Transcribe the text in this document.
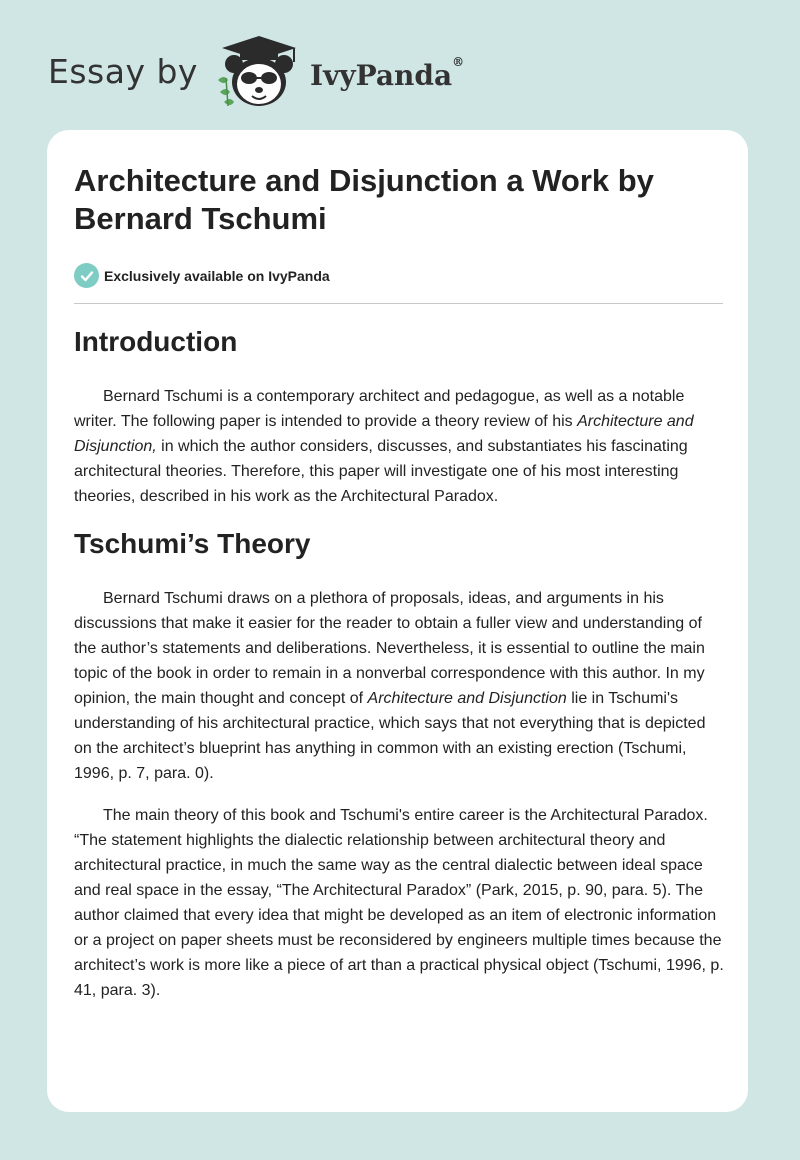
Essay by	IvyPanda®
Architecture and Disjunction a Work by Bernard Tschumi
Exclusively available on IvyPanda
Introduction

Bernard Tschumi is a contemporary architect and pedagogue, as well as a notable writer. The following paper is intended to provide a theory review of his Architecture and Disjunction, in which the author considers, discusses, and substantiates his fascinating architectural theories. Therefore, this paper will investigate one of his most interesting theories, described in his work as the Architectural Paradox.

Tschumi’s Theory

Bernard Tschumi draws on a plethora of proposals, ideas, and arguments in his discussions that make it easier for the reader to obtain a fuller view and understanding of the author’s statements and deliberations. Nevertheless, it is essential to outline the main topic of the book in order to remain in a nonverbal correspondence with this author. In my opinion, the main thought and concept of Architecture and Disjunction lie in Tschumi's understanding of his architectural practice, which says that not everything that is depicted on the architect’s blueprint has anything in common with an existing erection (Tschumi, 1996, p. 7, para. 0).

The main theory of this book and Tschumi's entire career is the Architectural Paradox. “The statement highlights the dialectic relationship between architectural theory and architectural practice, in much the same way as the central dialectic between ideal space and real space in the essay, “The Architectural Paradox” (Park, 2015, p. 90, para. 5). The author claimed that every idea that might be developed as an item of electronic information or a project on paper sheets must be reconsidered by engineers multiple times because the architect’s work is more like a piece of art than a practical physical object (Tschumi, 1996, p. 41, para. 3).
